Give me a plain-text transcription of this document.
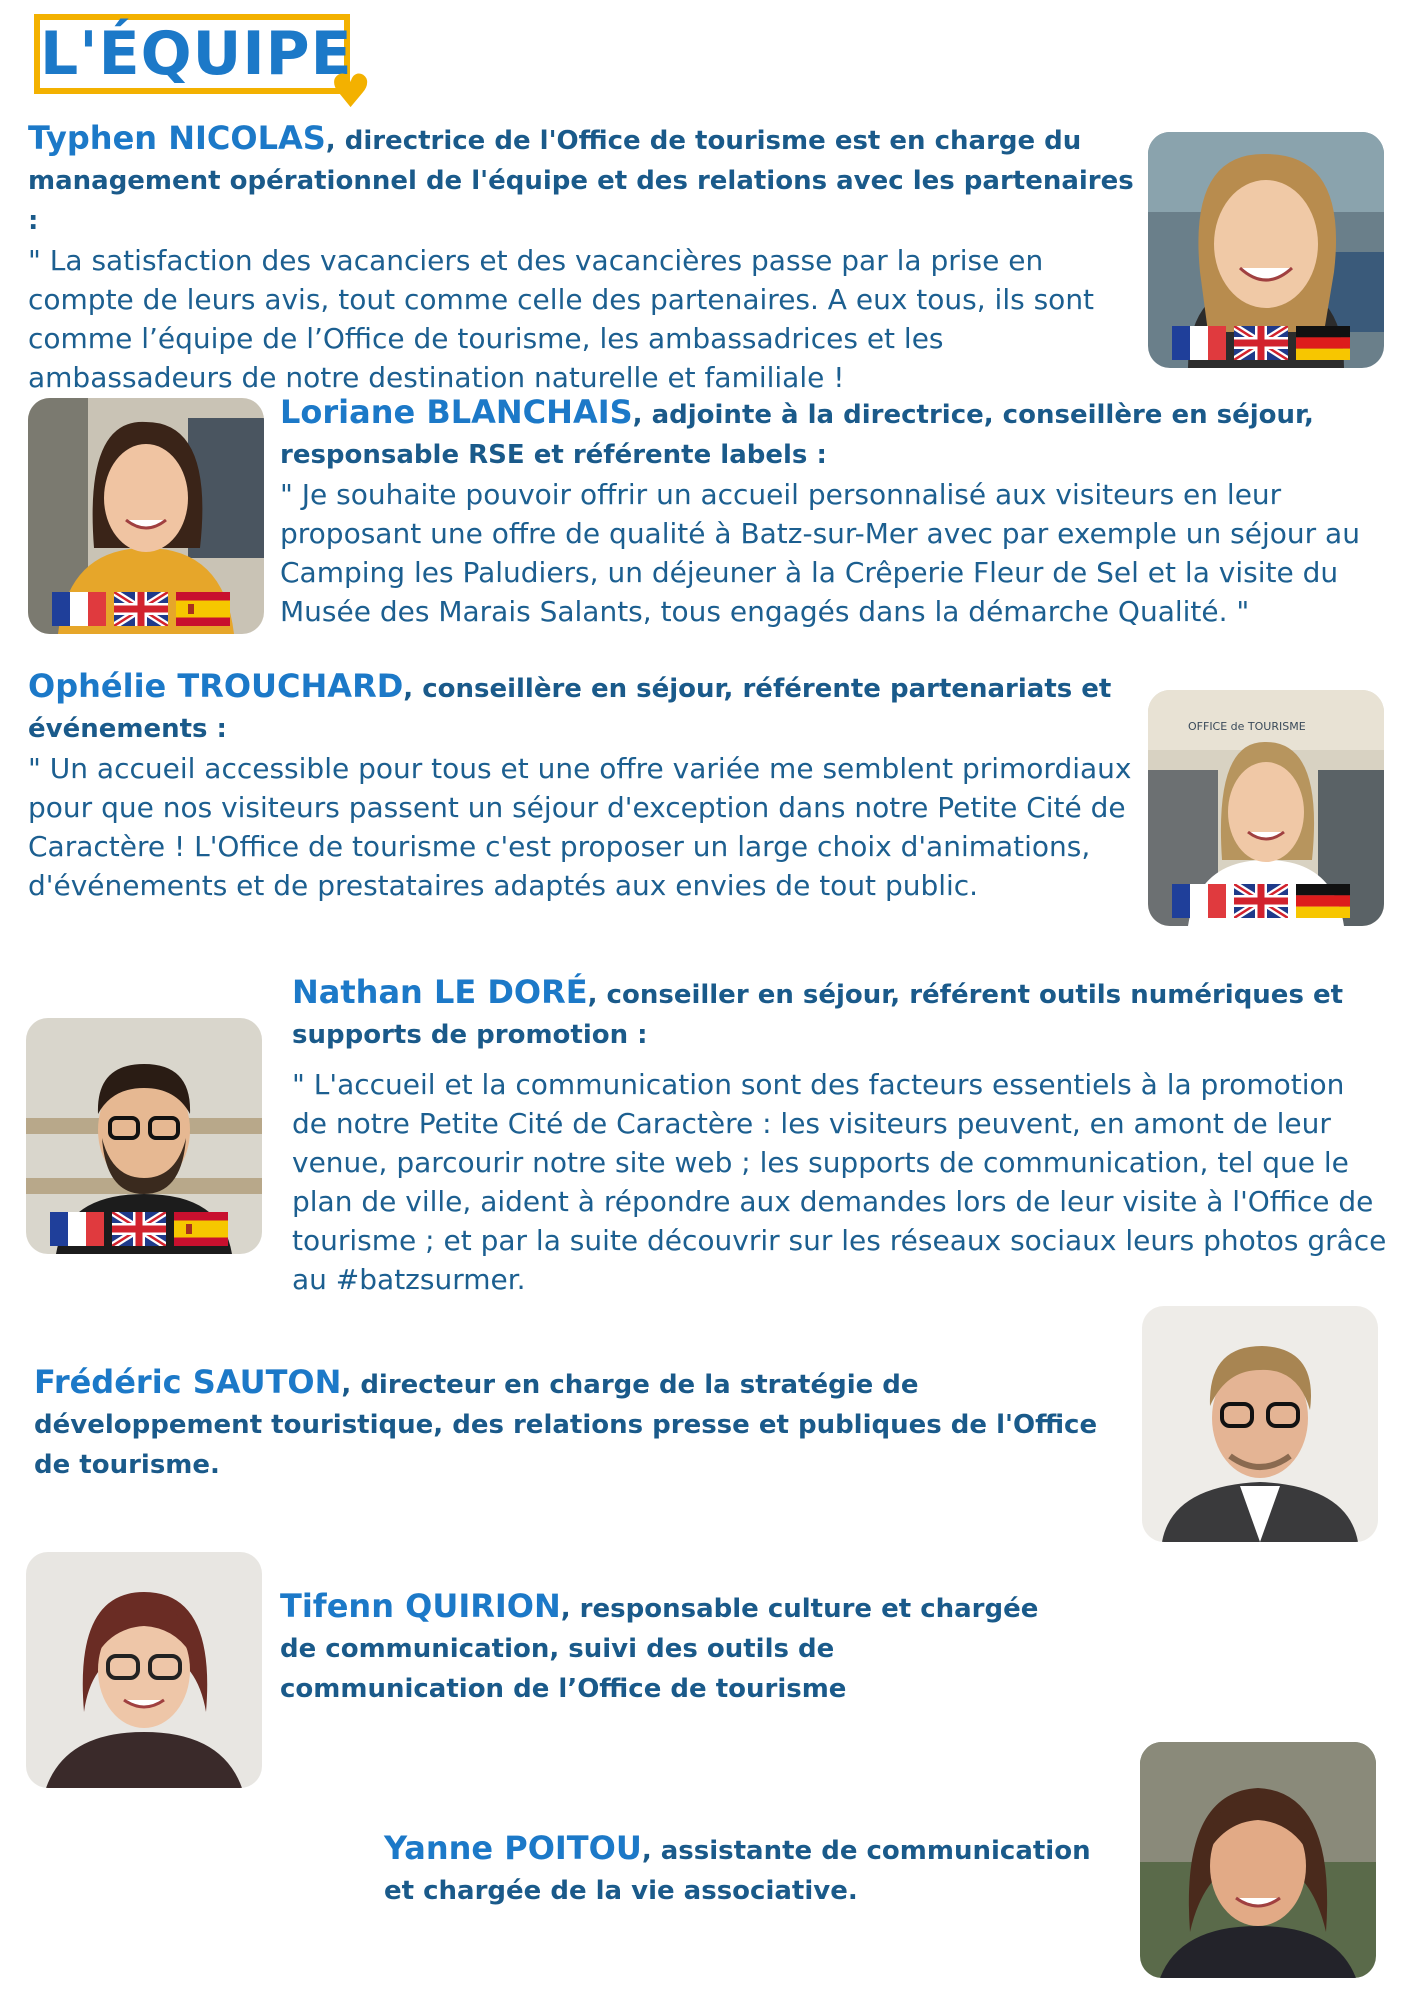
L'ÉQUIPE
♥

Typhen NICOLAS, directrice de l'Office de tourisme est en charge du management opérationnel de l'équipe et des relations avec les partenaires :

" La satisfaction des vacanciers et des vacancières passe par la prise en compte de leurs avis, tout comme celle des partenaires. A eux tous, ils sont comme l’équipe de l’Office de tourisme, les ambassadrices et les ambassadeurs de notre destination naturelle et familiale !

Loriane BLANCHAIS, adjointe à la directrice, conseillère en séjour, responsable RSE et référente labels :

" Je souhaite pouvoir offrir un accueil personnalisé aux visiteurs en leur proposant une offre de qualité à Batz-sur-Mer avec par exemple un séjour au Camping les Paludiers, un déjeuner à la Crêperie Fleur de Sel et la visite du Musée des Marais Salants, tous engagés dans la démarche Qualité. "

Ophélie TROUCHARD, conseillère en séjour, référente partenariats et événements :

" Un accueil accessible pour tous et une offre variée me semblent primordiaux pour que nos visiteurs passent un séjour d'exception dans notre Petite Cité de Caractère ! L'Office de tourisme c'est proposer un large choix d'animations, d'événements et de prestataires adaptés aux envies de tout public.

OFFICE de TOURISME

Nathan LE DORÉ, conseiller en séjour, référent outils numériques et supports de promotion :

" L'accueil et la communication sont des facteurs essentiels à la promotion de notre Petite Cité de Caractère : les visiteurs peuvent, en amont de leur venue, parcourir notre site web ; les supports de communication, tel que le plan de ville, aident à répondre aux demandes lors de leur visite à l'Office de tourisme ; et par la suite découvrir sur les réseaux sociaux leurs photos grâce au #batzsurmer.

Frédéric SAUTON, directeur en charge de la stratégie de développement touristique, des relations presse et publiques de l'Office de tourisme.

Tifenn QUIRION, responsable culture et chargée de communication, suivi des outils de communication de l’Office de tourisme

Yanne POITOU, assistante de communication et chargée de la vie associative.
